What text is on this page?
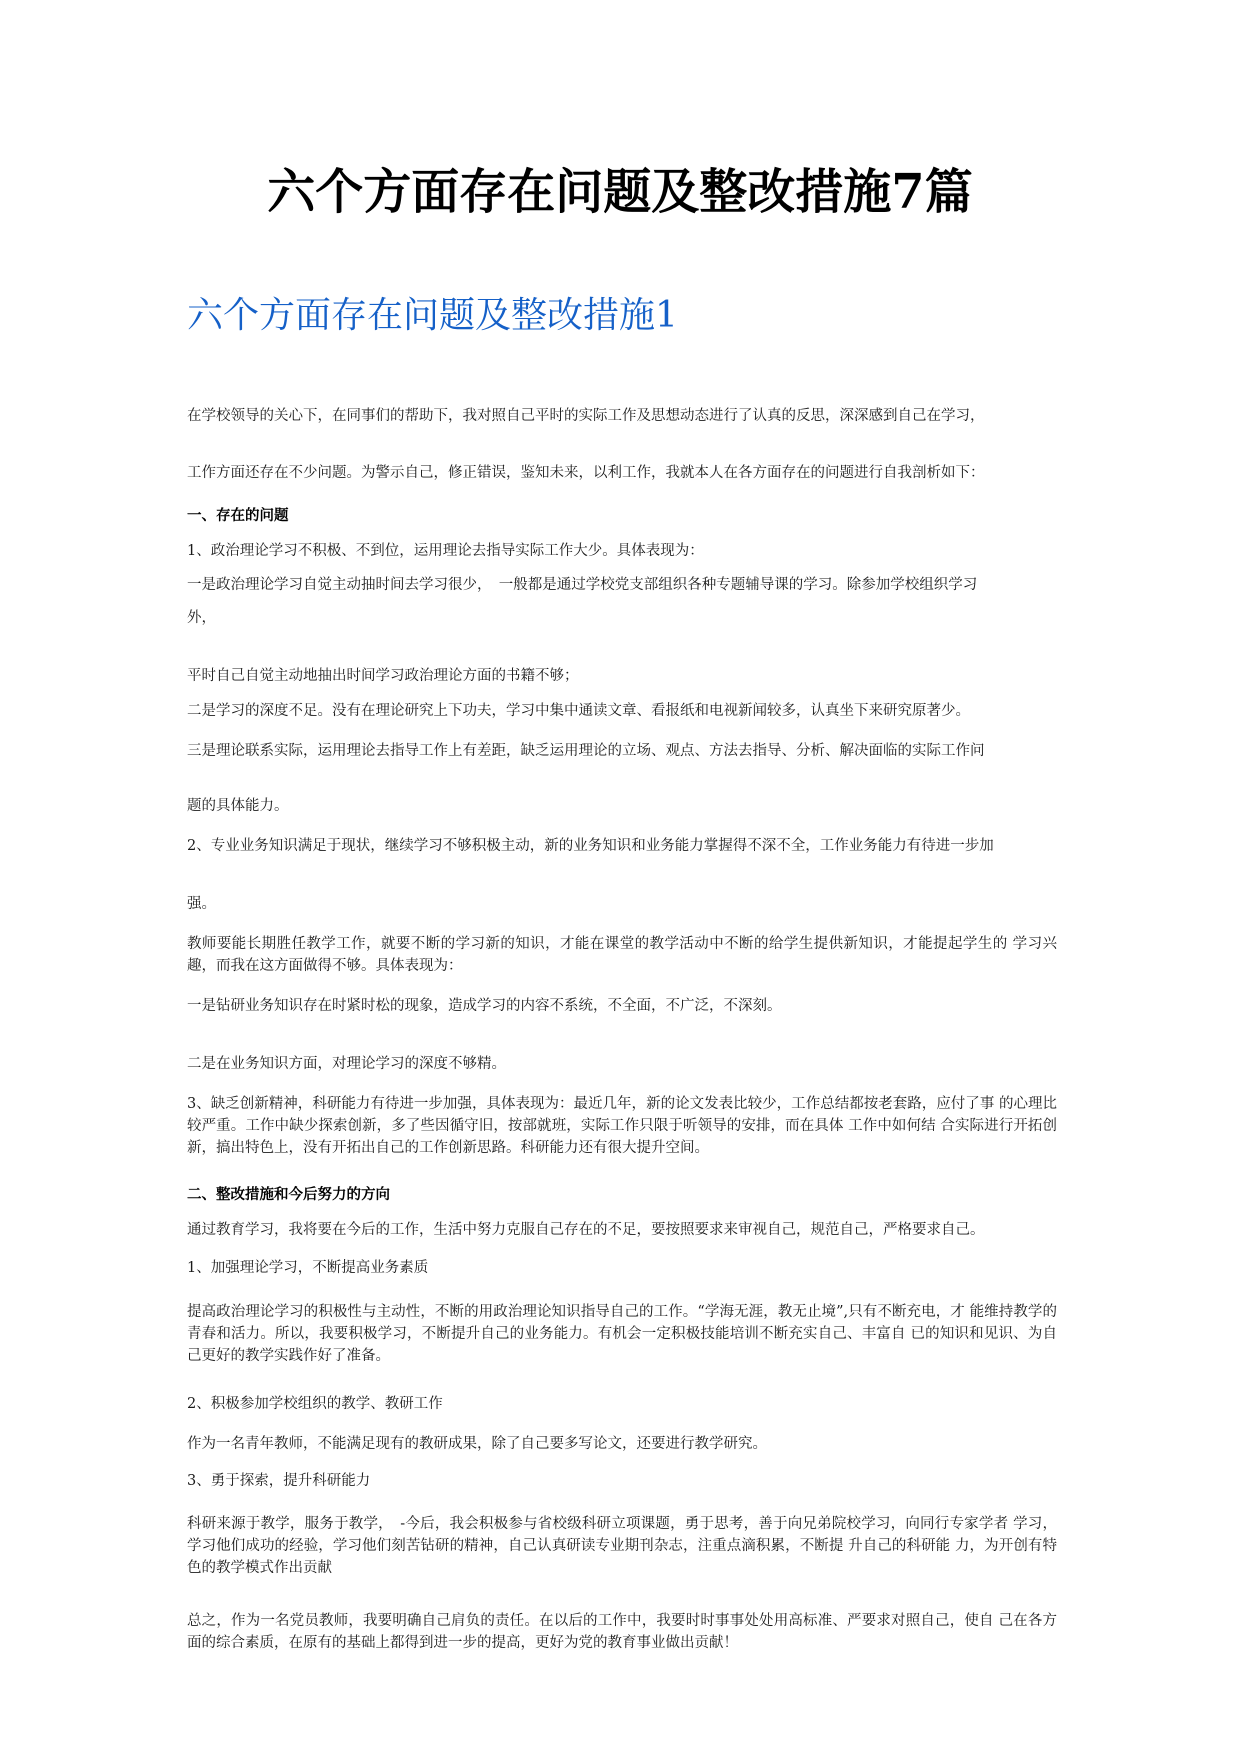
六个方面存在问题及整改措施7篇
六个方面存在问题及整改措施1

在学校领导的关心下，在同事们的帮助下，我对照自己平时的实际工作及思想动态进行了认真的反思，深深感到自己在学习，

工作方面还存在不少问题。为警示自己，修正错误，鉴知未来，以利工作，我就本人在各方面存在的问题进行自我剖析如下：

一、存在的问题

1、政治理论学习不积极、不到位，运用理论去指导实际工作大少。具体表现为：

一是政治理论学习自觉主动抽时间去学习很少，　一般都是通过学校党支部组织各种专题辅导课的学习。除参加学校组织学习

外，

平时自己自觉主动地抽出时间学习政治理论方面的书籍不够；

二是学习的深度不足。没有在理论研究上下功夫，学习中集中通读文章、看报纸和电视新闻较多，认真坐下来研究原著少。

三是理论联系实际，运用理论去指导工作上有差距，缺乏运用理论的立场、观点、方法去指导、分析、解决面临的实际工作问

题的具体能力。

2、专业业务知识满足于现状，继续学习不够积极主动，新的业务知识和业务能力掌握得不深不全，工作业务能力有待进一步加

强。

教师要能长期胜任教学工作，就要不断的学习新的知识，才能在课堂的教学活动中不断的给学生提供新知识，才能提起学生的 学习兴趣，而我在这方面做得不够。具体表现为：

一是钻研业务知识存在时紧时松的现象，造成学习的内容不系统，不全面，不广泛，不深刻。

二是在业务知识方面，对理论学习的深度不够精。

3、缺乏创新精神，科研能力有待进一步加强，具体表现为：最近几年，新的论文发表比较少，工作总结都按老套路，应付了事 的心理比较严重。工作中缺少探索创新，多了些因循守旧，按部就班，实际工作只限于听领导的安排，而在具体 工作中如何结 合实际进行开拓创新，搞出特色上，没有开拓出自己的工作创新思路。科研能力还有很大提升空间。

二、整改措施和今后努力的方向

通过教育学习，我将要在今后的工作，生活中努力克服自己存在的不足，要按照要求来审视自己，规范自己，严格要求自己。

1、加强理论学习，不断提高业务素质

提高政治理论学习的积极性与主动性，不断的用政治理论知识指导自己的工作。“学海无涯，教无止境”,只有不断充电，才 能维持教学的青春和活力。所以，我要积极学习，不断提升自己的业务能力。有机会一定积极技能培训不断充实自己、丰富自 已的知识和见识、为自己更好的教学实践作好了准备。

2、积极参加学校组织的教学、教研工作

作为一名青年教师，不能满足现有的教研成果，除了自己要多写论文，还要进行教学研究。

3、勇于探索，提升科研能力

科研来源于教学，服务于教学，　-今后，我会积极参与省校级科研立项课题，勇于思考，善于向兄弟院校学习，向同行专家学者 学习，学习他们成功的经验，学习他们刻苦钻研的精神，自己认真研读专业期刊杂志，注重点滴积累，不断提 升自己的科研能 力，为开创有特色的教学模式作出贡献

总之，作为一名党员教师，我要明确自己肩负的责任。在以后的工作中，我要时时事事处处用高标准、严要求对照自己，使自 己在各方面的综合素质，在原有的基础上都得到进一步的提高，更好为党的教育事业做出贡献！
